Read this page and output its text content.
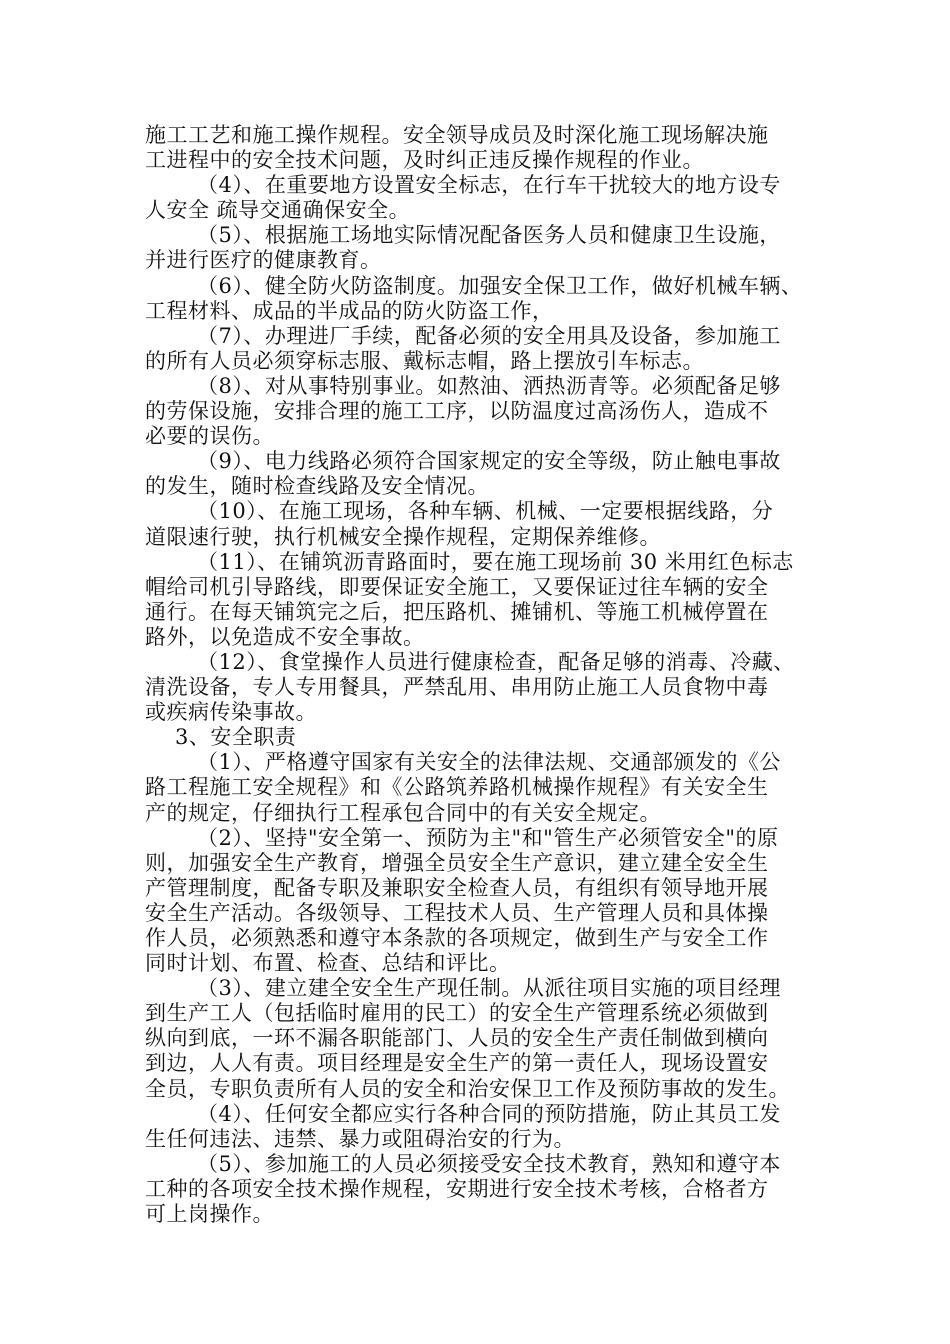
施工工艺和施工操作规程。安全领导成员及时深化施工现场解决施
工进程中的安全技术问题，及时纠正违反操作规程的作业。
（4）、在重要地方设置安全标志，在行车干扰较大的地方设专
人安全 疏导交通确保安全。
（5）、根据施工场地实际情况配备医务人员和健康卫生设施，
并进行医疗的健康教育。
（6）、健全防火防盗制度。加强安全保卫工作，做好机械车辆、
工程材料、成品的半成品的防火防盗工作，
（7）、办理进厂手续，配备必须的安全用具及设备，参加施工
的所有人员必须穿标志服、戴标志帽，路上摆放引车标志。
（8）、对从事特别事业。如熬油、洒热沥青等。必须配备足够
的劳保设施，安排合理的施工工序，以防温度过高汤伤人，造成不
必要的误伤。
（9）、电力线路必须符合国家规定的安全等级，防止触电事故
的发生，随时检查线路及安全情况。
（10）、在施工现场，各种车辆、机械、一定要根据线路，分
道限速行驶，执行机械安全操作规程，定期保养维修。
（11）、在铺筑沥青路面时，要在施工现场前 30 米用红色标志
帽给司机引导路线，即要保证安全施工，又要保证过往车辆的安全
通行。在每天铺筑完之后，把压路机、摊铺机、等施工机械停置在
路外，以免造成不安全事故。
（12）、食堂操作人员进行健康检查，配备足够的消毒、冷藏、
清洗设备，专人专用餐具，严禁乱用、串用防止施工人员食物中毒
或疾病传染事故。
3、安全职责
（1）、严格遵守国家有关安全的法律法规、交通部颁发的《公
路工程施工安全规程》和《公路筑养路机械操作规程》有关安全生
产的规定，仔细执行工程承包合同中的有关安全规定。
（2）、坚持"安全第一、预防为主"和"管生产必须管安全"的原
则，加强安全生产教育，增强全员安全生产意识，建立建全安全生
产管理制度，配备专职及兼职安全检查人员，有组织有领导地开展
安全生产活动。各级领导、工程技术人员、生产管理人员和具体操
作人员，必须熟悉和遵守本条款的各项规定，做到生产与安全工作
同时计划、布置、检查、总结和评比。
（3）、建立建全安全生产现任制。从派往项目实施的项目经理
到生产工人（包括临时雇用的民工）的安全生产管理系统必须做到
纵向到底，一环不漏各职能部门、人员的安全生产责任制做到横向
到边，人人有责。项目经理是安全生产的第一责任人，现场设置安
全员，专职负责所有人员的安全和治安保卫工作及预防事故的发生。
（4）、任何安全都应实行各种合同的预防措施，防止其员工发
生任何违法、违禁、暴力或阻碍治安的行为。
（5）、参加施工的人员必须接受安全技术教育，熟知和遵守本
工种的各项安全技术操作规程，安期进行安全技术考核，合格者方
可上岗操作。
